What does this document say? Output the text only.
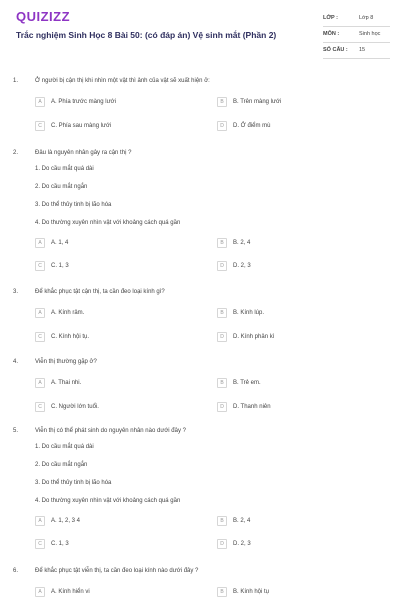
QUIZIZZ
Trắc nghiệm Sinh Học 8 Bài 50: (có đáp án) Vệ sinh mắt (Phần 2)
LỚP :	Lớp 8
MÔN :	Sinh học
SỐ CÂU : 15
1.	Ở người bị cận thị khi nhìn một vật thì ảnh của vật sẽ xuất hiện ở:
A	A. Phía trước màng lưới	B	B. Trên màng lưới
C	C. Phía sau màng lưới	D	D. Ở điểm mù
2.	Đâu là nguyên nhân gây ra cận thị ?
1. Do cầu mắt quá dài
2. Do cầu mắt ngắn
3. Do thể thủy tinh bị lão hóa
4. Do thường xuyên nhìn vật với khoảng cách quá gần
A	A. 1, 4	B	B. 2, 4
C	C. 1, 3	D	D. 2, 3
3.	Để khắc phục tật cận thị, ta cần đeo loại kính gì?
A	A. Kính râm.	B	B. Kính lúp.
C	C. Kính hội tụ.	D	D. Kính phân kì
4.	Viễn thị thường gặp ở?
A	A. Thai nhi.	B	B. Trẻ em.
C	C. Người lớn tuổi.	D	D. Thanh niên
5.	Viễn thị có thể phát sinh do nguyên nhân nào dưới đây ?
1. Do cầu mắt quá dài
2. Do cầu mắt ngắn
3. Do thể thủy tinh bị lão hóa
4. Do thường xuyên nhìn vật với khoảng cách quá gần
A	A. 1, 2, 3 4	B	B. 2, 4
C	C. 1, 3	D	D. 2, 3
6.	Để khắc phục tật viễn thị, ta cần đeo loại kính nào dưới đây ?
A	A. Kính hiển vi	B	B. Kính hội tụ
